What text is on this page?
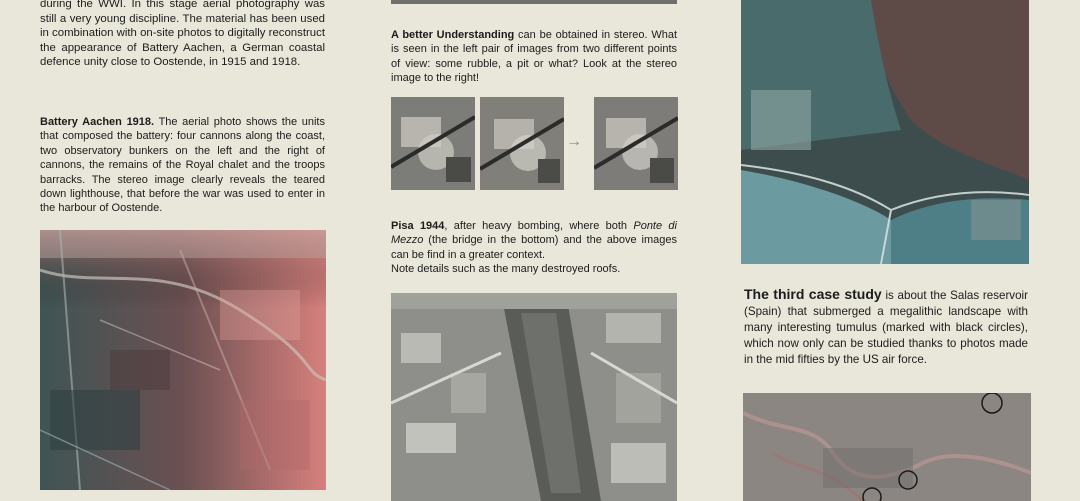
during the WWI. In this stage aerial photography was still a very young discipline. The material has been used in combination with on-site photos to digitally reconstruct the appearance of Battery Aachen, a German coastal defence unity close to Oostende, in 1915 and 1918.

Battery Aachen 1918. The aerial photo shows the units that composed the battery: four cannons along the coast, two observatory bunkers on the left and the right of cannons, the remains of the Royal chalet and the troops barracks. The stereo image clearly reveals the teared down lighthouse, that before the war was used to enter in the harbour of Oostende.

A better Understanding can be obtained in stereo. What is seen in the left pair of images from two different points of view: some rubble, a pit or what? Look at the stereo image to the right!

→

Pisa 1944, after heavy bombing, where both Ponte di Mezzo (the bridge in the bottom) and the above images can be find in a greater context.
Note details such as the many destroyed roofs.

The third case study is about the Salas reservoir (Spain) that submerged a megalithic landscape with many interesting tumulus (marked with black circles), which now only can be studied thanks to photos made in the mid fifties by the US air force.
